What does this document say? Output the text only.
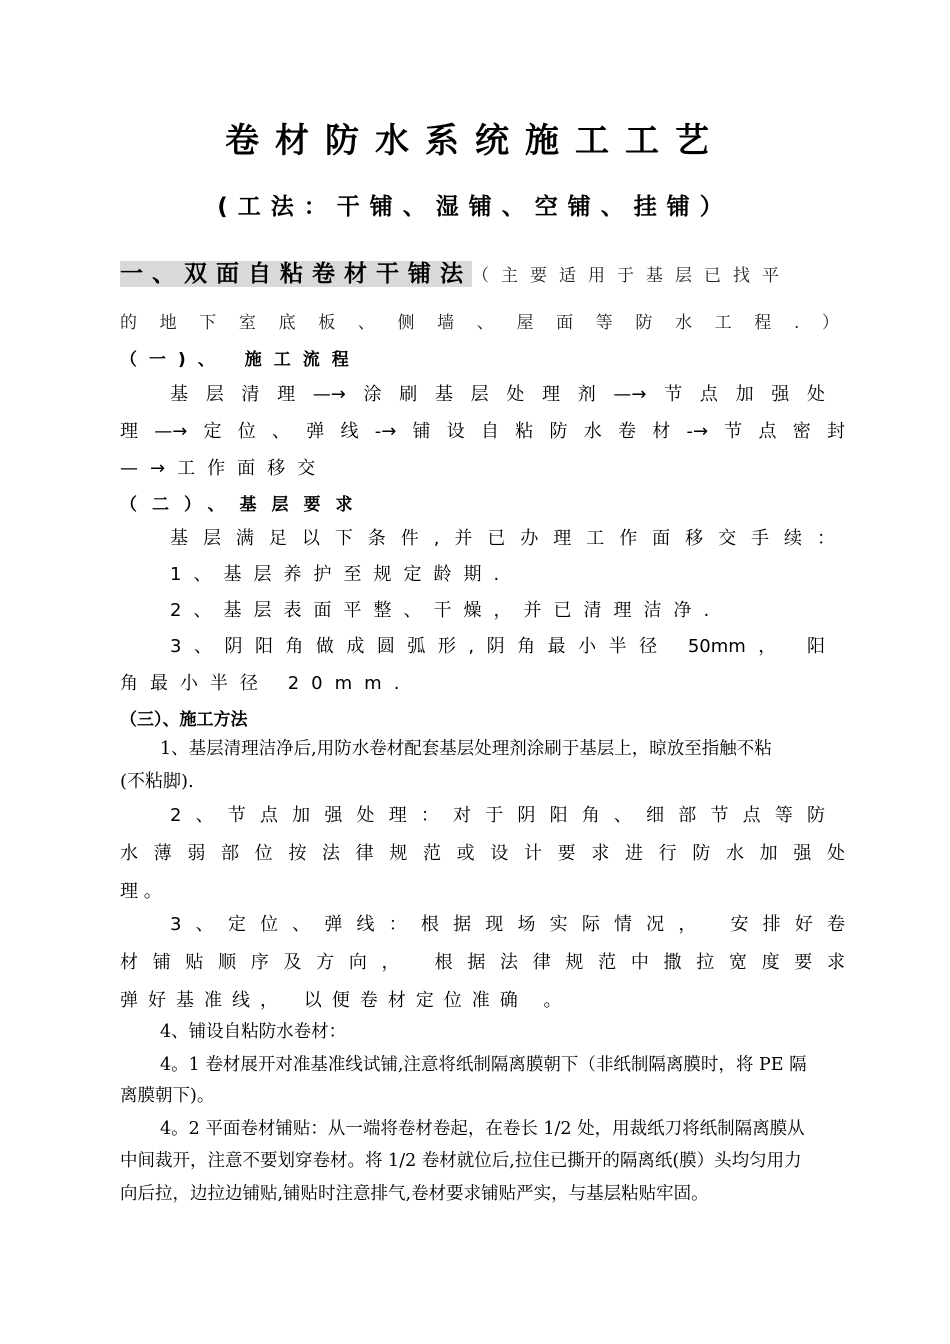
卷材防水系统施工工艺
(工法：干铺、湿铺、空铺、挂铺）
一、双面自粘卷材干铺法（主要适用于基层已找平
的地下室底板、侧墙、屋面等防水工程.）
（一)、 施工流程
基层清理—→涂刷基层处理剂—→节点加强处
理—→定位、弹线-→铺设自粘防水卷材-→节点密封
—→工作面移交
（二）、基层要求
基层满足以下条件,并已办理工作面移交手续：
1、基层养护至规定龄期.
2、基层表面平整、干燥，并已清理洁净.
3、阴阳角做成圆弧形,阴角最小半径 50mm， 阳
角最小半径 20mm.
（三）、施工方法
1、基层清理洁净后,用防水卷材配套基层处理剂涂刷于基层上，晾放至指触不粘
(不粘脚).
2、节点加强处理：对于阴阳角、细部节点等防
水薄弱部位按法律规范或设计要求进行防水加强处
理 。
3、定位、弹线：根据现场实际情况， 安排好卷
材铺贴顺序及方向， 根据法律规范中撒拉宽度要求
弹好基准线， 以便卷材定位准确 。
4、铺设自粘防水卷材：
4。1 卷材展开对准基准线试铺,注意将纸制隔离膜朝下（非纸制隔离膜时，将 PE 隔
离膜朝下)。
4。2 平面卷材铺贴：从一端将卷材卷起，在卷长 1/2 处，用裁纸刀将纸制隔离膜从
中间裁开，注意不要划穿卷材。将 1/2 卷材就位后,拉住已撕开的隔离纸(膜）头均匀用力
向后拉，边拉边铺贴,铺贴时注意排气,卷材要求铺贴严实，与基层粘贴牢固。
